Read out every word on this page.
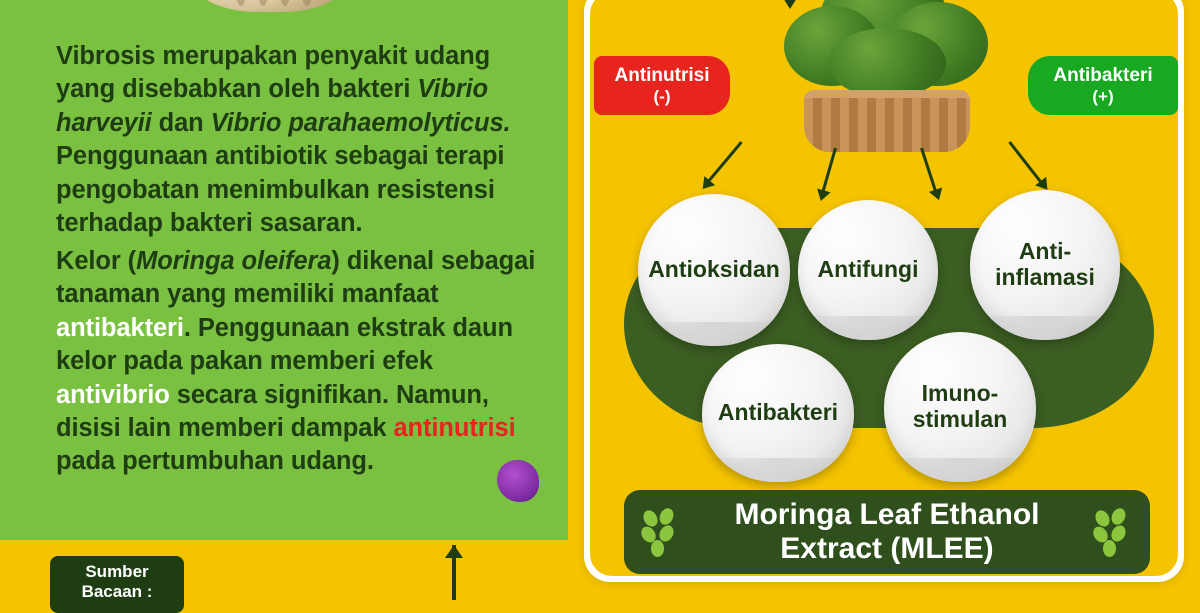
Vibrosis merupakan penyakit udang yang disebabkan oleh bakteri Vibrio harveyii dan Vibrio parahaemolyticus. Penggunaan antibiotik sebagai terapi pengobatan menimbulkan resistensi terhadap bakteri sasaran.
Kelor (Moringa oleifera) dikenal sebagai tanaman yang memiliki manfaat antibakteri. Penggunaan ekstrak daun kelor pada pakan memberi efek antivibrio secara signifikan. Namun, disisi lain memberi dampak antinutrisi pada pertumbuhan udang.
Sumber
Bacaan :
Antinutrisi
(-)
Antibakteri
(+)
Antioksidan Antifungi
Anti-
inflamasi
Antibakteri
Imuno-
stimulan
Moringa Leaf Ethanol
Extract (MLEE)
